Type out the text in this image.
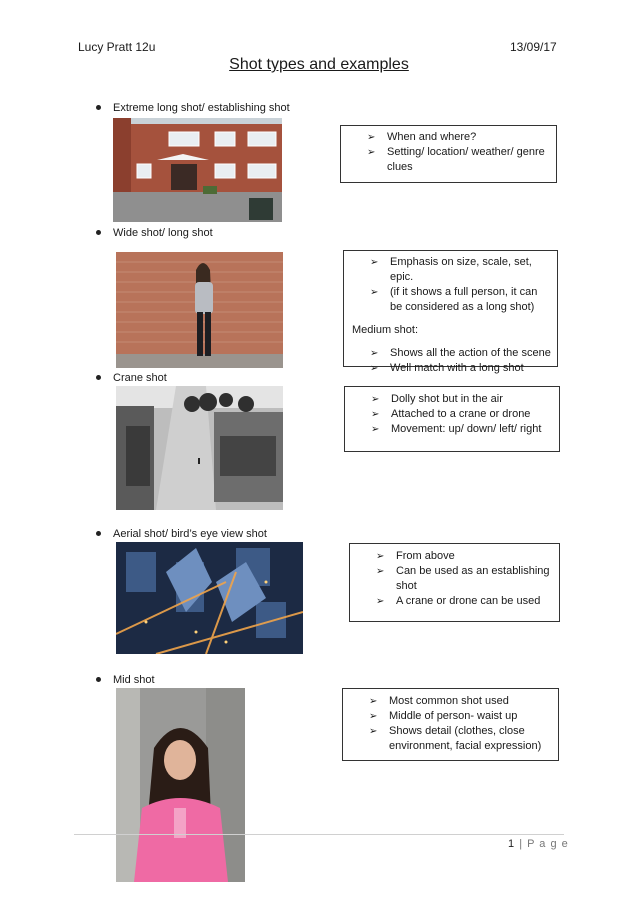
Lucy Pratt 12u	13/09/17
Shot types and examples
Extreme long shot/ establishing shot
➢ When and where?
➢ Setting/ location/ weather/ genre clues
Wide shot/ long shot
➢ Emphasis on size, scale, set, epic.
➢ (if it shows a full person, it can be considered as a long shot)
Medium shot:
➢ Shows all the action of the scene
➢ Well match with a long shot
Crane shot
➢ Dolly shot but in the air
➢ Attached to a crane or drone
➢ Movement: up/ down/ left/ right
Aerial shot/ bird’s eye view shot
➢ From above
➢ Can be used as an establishing shot
➢ A crane or drone can be used
Mid shot
➢ Most common shot used
➢ Middle of person- waist up
➢ Shows detail (clothes, close environment, facial expression)
1 | P a g e
